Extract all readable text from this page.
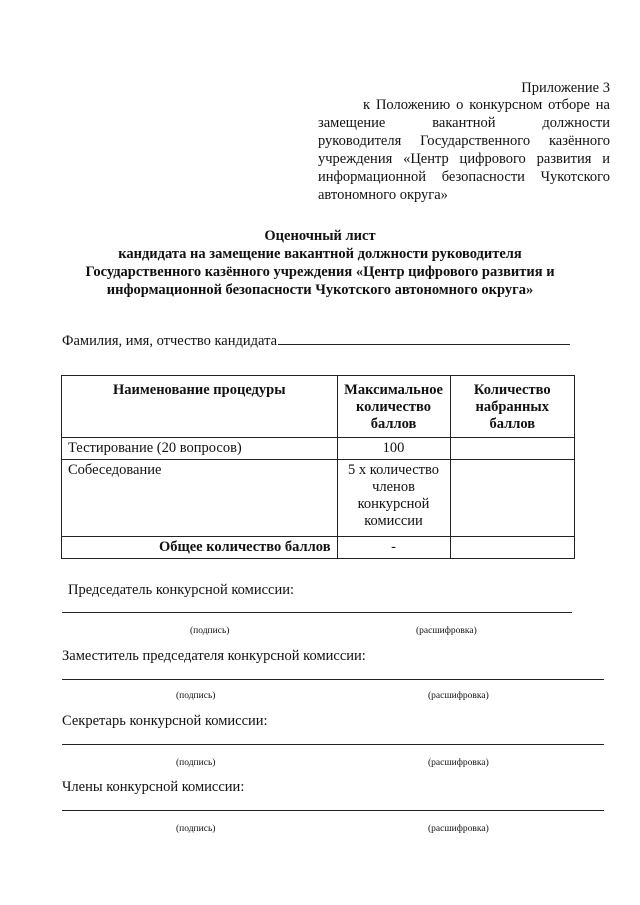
Приложение 3
к Положению о конкурсном отборе на замещение вакантной должности руководителя Государственного казённого учреждения «Центр цифрового развития и информационной безопасности Чукотского автономного округа»
Оценочный лист
кандидата на замещение вакантной должности руководителя
Государственного казённого учреждения «Центр цифрового развития и
информационной безопасности Чукотского автономного округа»
Фамилия, имя, отчество кандидата
Наименование процедуры	Максимальное количество баллов	Количество набранных баллов
Тестирование (20 вопросов)	100	
Собеседование	5 х количество членов конкурсной комиссии	
Общее количество баллов	-	
Председатель конкурсной комиссии:
(подпись)	(расшифровка)
Заместитель председателя конкурсной комиссии:
(подпись)	(расшифровка)
Секретарь конкурсной комиссии:
(подпись)	(расшифровка)
Члены конкурсной комиссии:
(подпись)	(расшифровка)
